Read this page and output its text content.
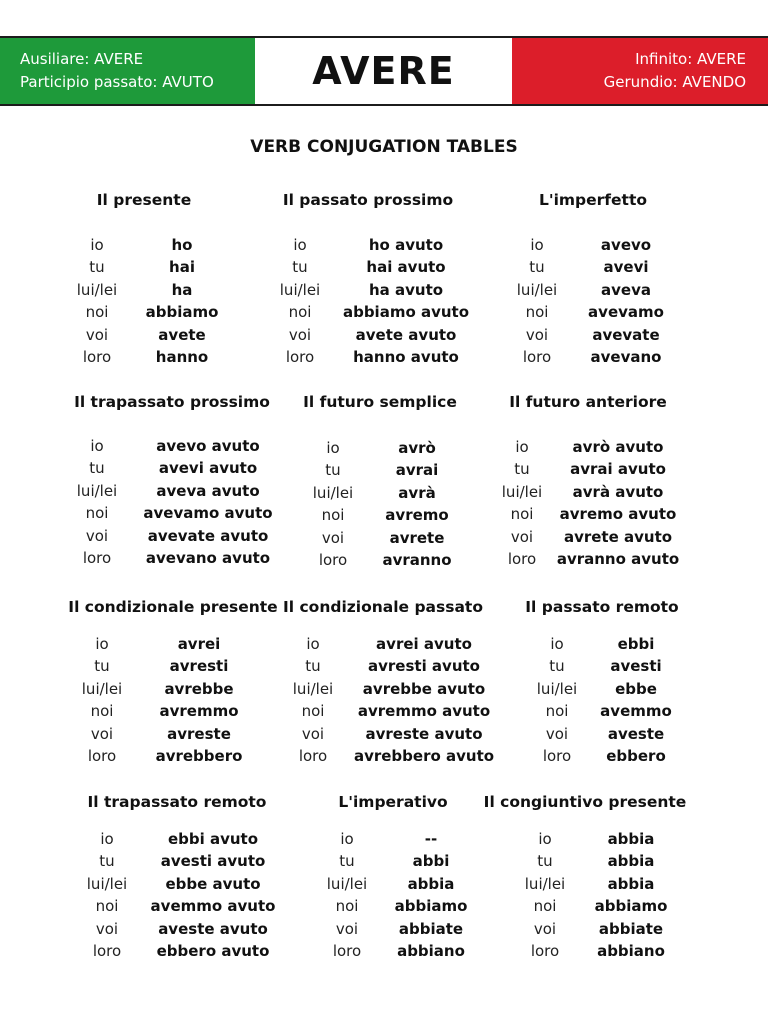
Ausiliare: AVERE
Participio passato: AVUTO	AVERE	Infinito: AVERE
Gerundio: AVENDO
VERB CONJUGATION TABLES
Il presente
io	ho
tu	hai
lui/lei	ha
noi abbiamo
voi	avete
loro	hanno
Il passato prossimo
io	ho avuto
tu	hai avuto
lui/lei	ha avuto
noi abbiamo avuto
voi	avete avuto
loro	hanno avuto
L'imperfetto
io	avevo
tu	avevi
lui/lei	aveva
noi	avevamo
voi	avevate
loro	avevano
Il trapassato prossimo
io	avevo avuto
tu	avevi avuto
lui/lei	aveva avuto
noi avevamo avuto
voi	avevate avuto
loro avevano avuto
Il futuro semplice
io	avrò
tu	avrai
lui/lei	avrà
noi	avremo
voi	avrete
loro avranno
Il futuro anteriore
io	avrò avuto
tu	avrai avuto
lui/lei avrà avuto
noi avremo avuto
voi avrete avuto
loro avranno avuto
Il condizionale presente
io	avrei
tu	avresti
lui/lei	avrebbe
noi	avremmo
voi	avreste
loro	avrebbero
Il condizionale passato
io	avrei avuto
tu	avresti avuto
lui/lei avrebbe avuto
noi avremmo avuto
voi	avreste avuto
loro avrebbero avuto
Il passato remoto
io	ebbi
tu	avesti
lui/lei	ebbe
noi avemmo
voi	aveste
loro ebbero
Il trapassato remoto
io	ebbi avuto
tu	avesti avuto
lui/lei	ebbe avuto
noi avemmo avuto
voi	aveste avuto
loro ebbero avuto
L'imperativo
io	--
tu	abbi
lui/lei	abbia
noi abbiamo
voi	abbiate
loro abbiano
Il congiuntivo presente
io	abbia
tu	abbia
lui/lei	abbia
noi	abbiamo
voi	abbiate
loro	abbiano
